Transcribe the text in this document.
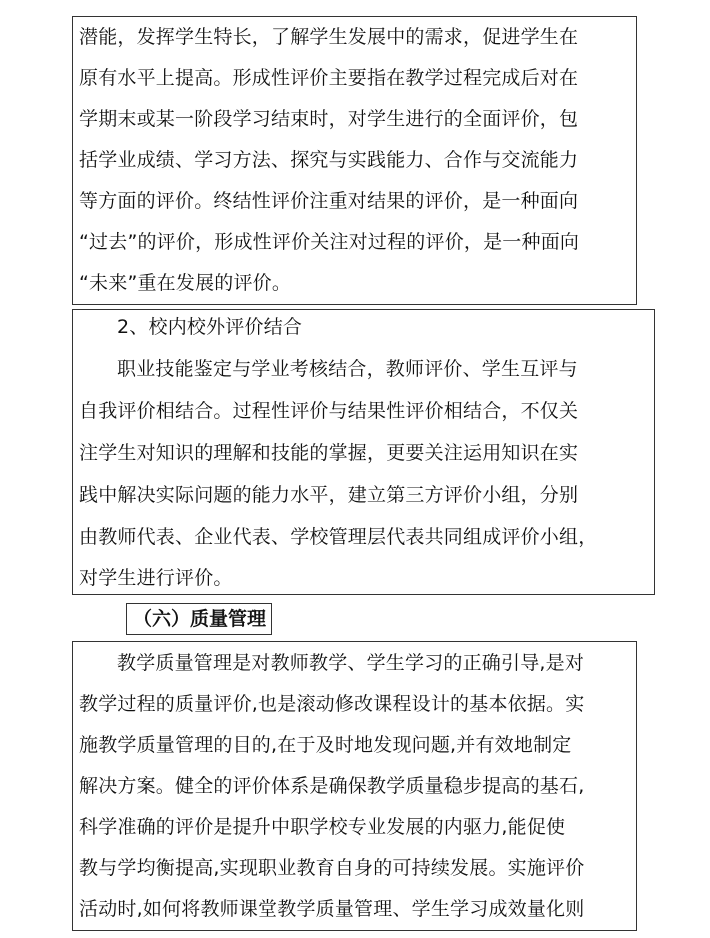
潜能，发挥学生特长，了解学生发展中的需求，促进学生在
原有水平上提高。形成性评价主要指在教学过程完成后对在
学期末或某一阶段学习结束时，对学生进行的全面评价，包
括学业成绩、学习方法、探究与实践能力、合作与交流能力
等方面的评价。终结性评价注重对结果的评价，是一种面向
“过去”的评价，形成性评价关注对过程的评价，是一种面向
“未来”重在发展的评价。
2、校内校外评价结合
职业技能鉴定与学业考核结合，教师评价、学生互评与
自我评价相结合。过程性评价与结果性评价相结合，不仅关
注学生对知识的理解和技能的掌握，更要关注运用知识在实
践中解决实际问题的能力水平，建立第三方评价小组，分别
由教师代表、企业代表、学校管理层代表共同组成评价小组，
对学生进行评价。
（六）质量管理
教学质量管理是对教师教学、学生学习的正确引导,是对
教学过程的质量评价,也是滚动修改课程设计的基本依据。实
施教学质量管理的目的,在于及时地发现问题,并有效地制定
解决方案。健全的评价体系是确保教学质量稳步提高的基石,
科学准确的评价是提升中职学校专业发展的内驱力,能促使
教与学均衡提高,实现职业教育自身的可持续发展。实施评价
活动时,如何将教师课堂教学质量管理、学生学习成效量化则
